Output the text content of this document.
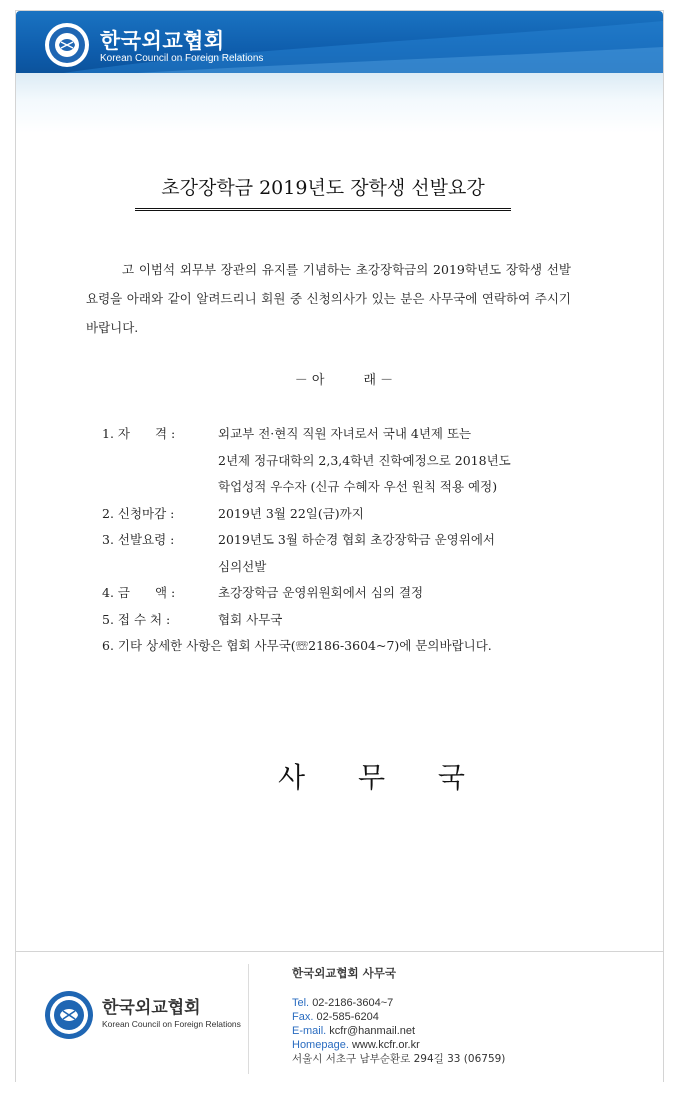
한국외교협회
Korean Council on Foreign Relations
초강장학금 2019년도 장학생 선발요강

고 이범석 외무부 장관의 유지를 기념하는 초강장학금의 2019학년도 장학생 선발요령을 아래와 같이 알려드리니 회원 중 신청의사가 있는 분은 사무국에 연락하여 주시기 바랍니다.

－ 아　　　래 －
1. 자　　격 :	외교부 전·현직 직원 자녀로서 국내 4년제 또는
2년제 정규대학의 2,3,4학년 진학예정으로 2018년도
학업성적 우수자 (신규 수혜자 우선 원칙 적용 예정)
2. 신청마감 :	2019년 3월 22일(금)까지
3. 선발요령 :	2019년도 3월 하순경 협회 초강장학금 운영위에서
심의선발
4. 금　　액 :	초강장학금 운영위원회에서 심의 결정
5. 접 수 처 :	협회 사무국
6. 기타 상세한 사항은 협회 사무국(☏2186-3604~7)에 문의바랍니다.
사 무 국
한국외교협회
Korean Council on Foreign Relations
한국외교협회 사무국
Tel. 02-2186-3604~7
Fax. 02-585-6204
E-mail. kcfr@hanmail.net
Homepage. www.kcfr.or.kr
서울시 서초구 남부순환로 294길 33 (06759)
